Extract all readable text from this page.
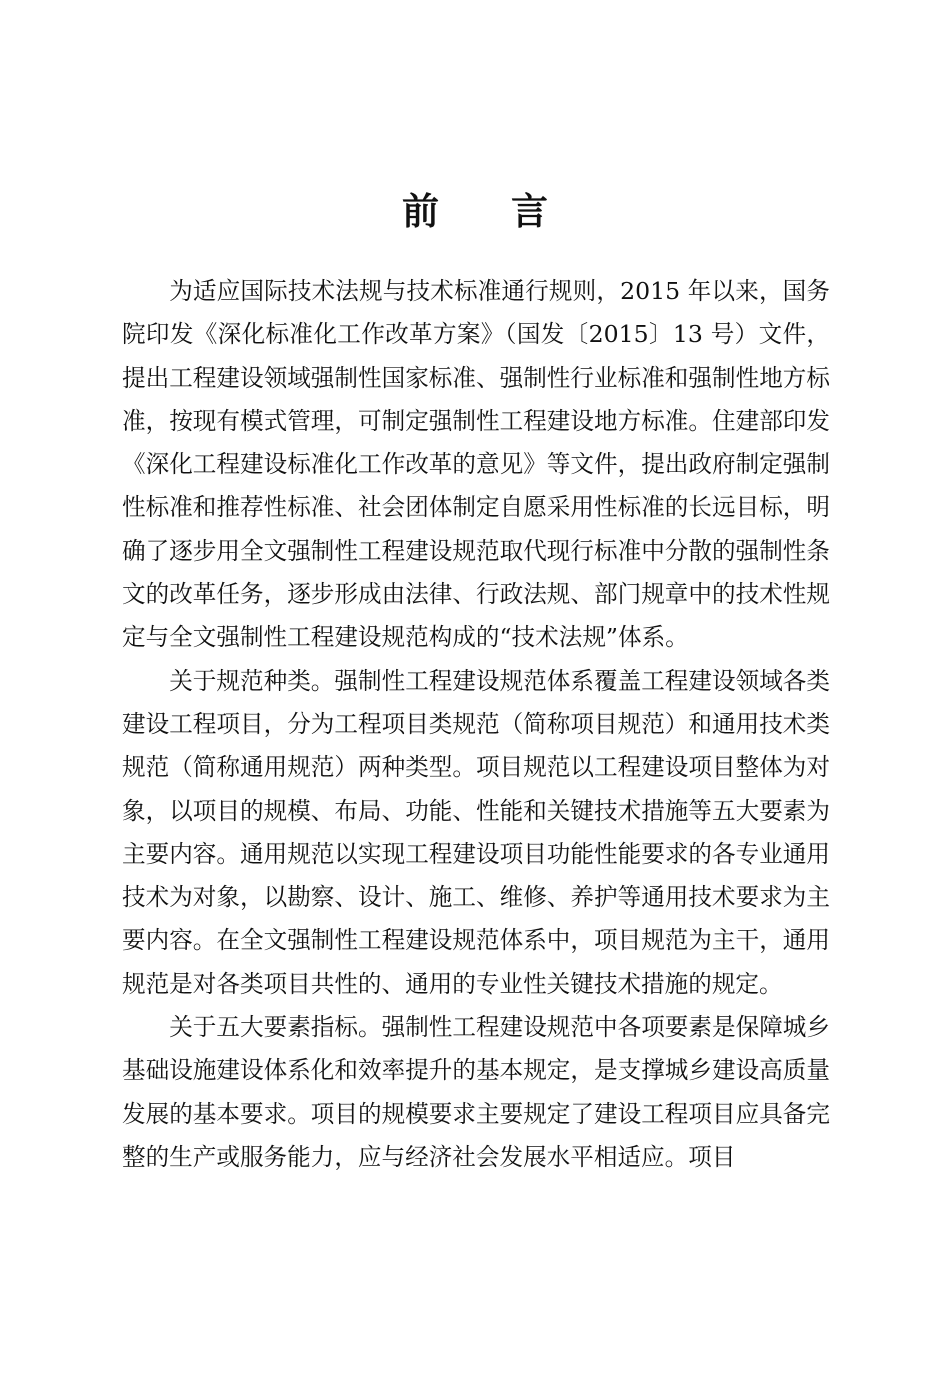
前 言

为适应国际技术法规与技术标准通行规则，2015 年以来，国务院印发《深化标准化工作改革方案》（国发〔2015〕13 号）文件，提出工程建设领域强制性国家标准、强制性行业标准和强制性地方标准，按现有模式管理，可制定强制性工程建设地方标准。住建部印发《深化工程建设标准化工作改革的意见》等文件，提出政府制定强制性标准和推荐性标准、社会团体制定自愿采用性标准的长远目标，明确了逐步用全文强制性工程建设规范取代现行标准中分散的强制性条文的改革任务，逐步形成由法律、行政法规、部门规章中的技术性规定与全文强制性工程建设规范构成的“技术法规”体系。

关于规范种类。强制性工程建设规范体系覆盖工程建设领域各类建设工程项目，分为工程项目类规范（简称项目规范）和通用技术类规范（简称通用规范）两种类型。项目规范以工程建设项目整体为对象，以项目的规模、布局、功能、性能和关键技术措施等五大要素为主要内容。通用规范以实现工程建设项目功能性能要求的各专业通用技术为对象，以勘察、设计、施工、维修、养护等通用技术要求为主要内容。在全文强制性工程建设规范体系中，项目规范为主干，通用规范是对各类项目共性的、通用的专业性关键技术措施的规定。

关于五大要素指标。强制性工程建设规范中各项要素是保障城乡基础设施建设体系化和效率提升的基本规定，是支撑城乡建设高质量发展的基本要求。项目的规模要求主要规定了建设工程项目应具备完整的生产或服务能力，应与经济社会发展水平相适应。项目
